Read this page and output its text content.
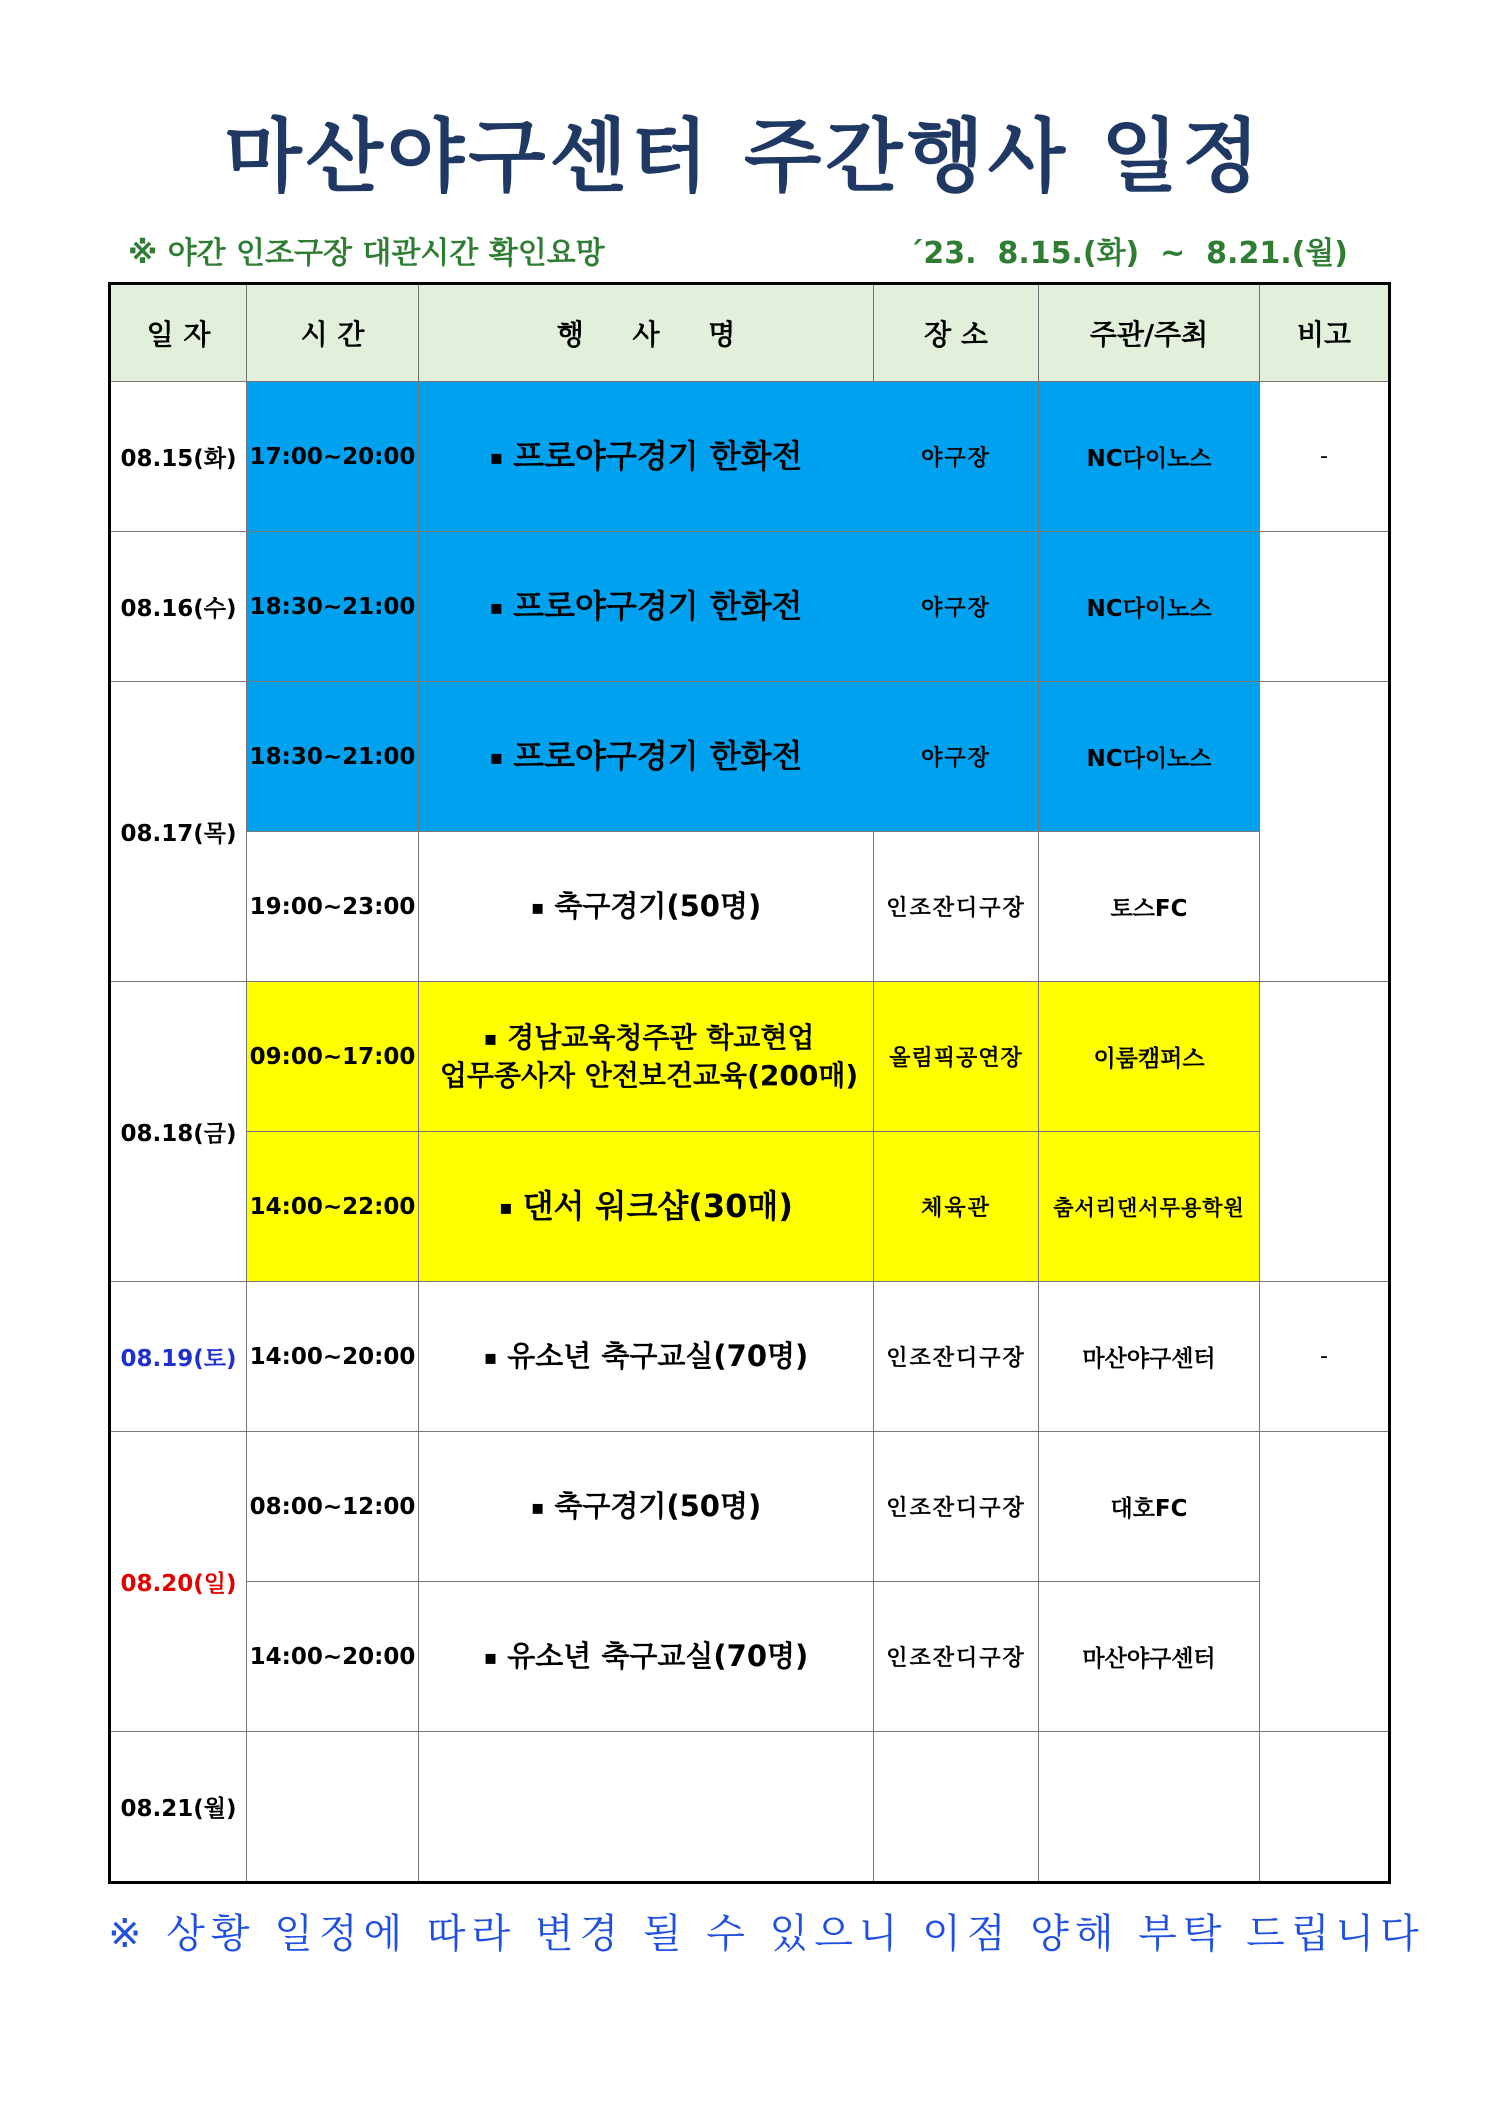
마산야구센터 주간행사 일정
※ 야간 인조구장 대관시간 확인요망	´23.  8.15.(화)  ~  8.21.(월)
일 자	시 간	행     사     명	장 소	주관/주최	비고
08.15(화)	17:00~20:00	▪ 프로야구경기 한화전	야구장	NC다이노스	-
08.16(수)	18:30~21:00	▪ 프로야구경기 한화전	야구장	NC다이노스	
08.17(목)	18:30~21:00	▪ 프로야구경기 한화전	야구장	NC다이노스	
	19:00~23:00	▪ 축구경기(50명)	인조잔디구장	토스FC	
08.18(금)	09:00~17:00	▪ 경남교육청주관 학교현업
업무종사자 안전보건교육(200매)	올림픽공연장	이룸캠퍼스	
	14:00~22:00	▪ 댄서 워크샵(30매)	체육관	춤서리댄서무용학원	
08.19(토)	14:00~20:00	▪ 유소년 축구교실(70명)	인조잔디구장	마산야구센터	-
08.20(일)	08:00~12:00	▪ 축구경기(50명)	인조잔디구장	대호FC	
	14:00~20:00	▪ 유소년 축구교실(70명)	인조잔디구장	마산야구센터	
08.21(월)					
※ 상황 일정에 따라 변경 될 수 있으니 이점 양해 부탁 드립니다
